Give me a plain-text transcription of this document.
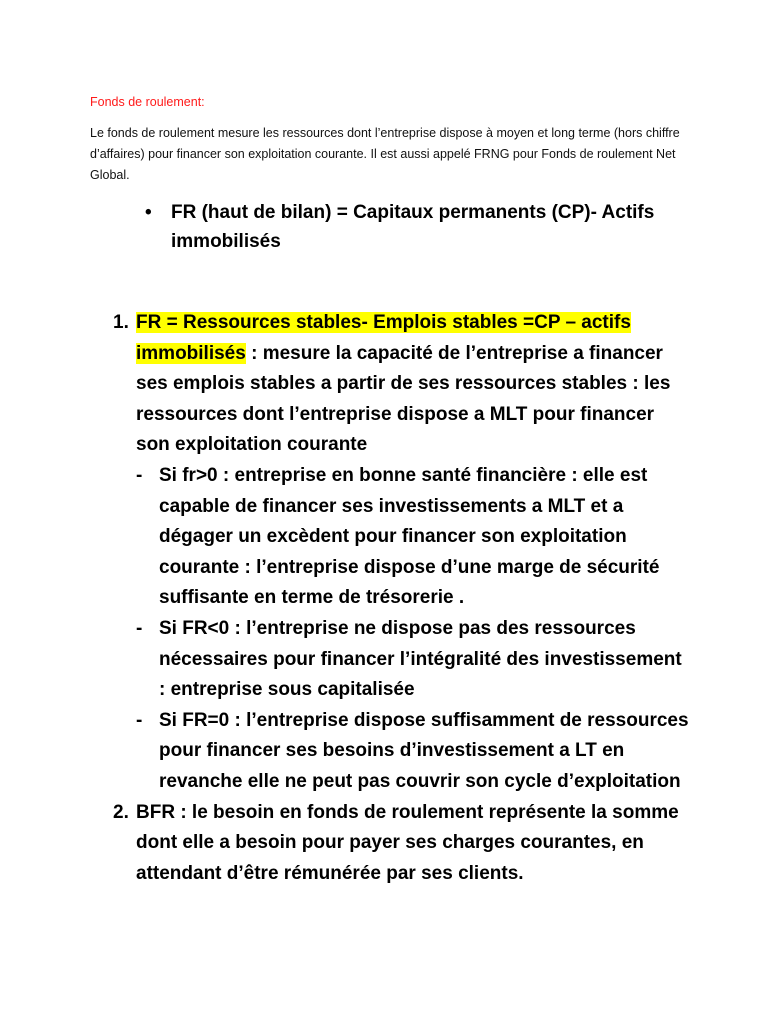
Fonds de roulement:
Le fonds de roulement mesure les ressources dont l’entreprise dispose à moyen et long terme (hors chiffre d’affaires) pour financer son exploitation courante. Il est aussi appelé FRNG pour Fonds de roulement Net Global.
• FR (haut de bilan) = Capitaux permanents (CP)- Actifs immobilisés
1. FR = Ressources stables- Emplois stables =CP – actifs immobilisés : mesure la capacité de l’entreprise a financer ses emplois stables a partir de ses ressources stables : les ressources dont l’entreprise dispose a MLT pour financer son exploitation courante
- Si fr>0 : entreprise en bonne santé financière : elle est capable de financer ses investissements a MLT et a dégager un excèdent pour financer son exploitation courante : l’entreprise dispose d’une marge de sécurité suffisante en terme de trésorerie .
- Si FR<0 : l’entreprise ne dispose pas des ressources nécessaires pour financer l’intégralité des investissement : entreprise sous capitalisée
- Si FR=0 : l’entreprise dispose suffisamment de ressources pour financer ses besoins d’investissement a LT en revanche elle ne peut pas couvrir son cycle d’exploitation
2. BFR : le besoin en fonds de roulement représente la somme dont elle a besoin pour payer ses charges courantes, en attendant d’être rémunérée par ses clients.
